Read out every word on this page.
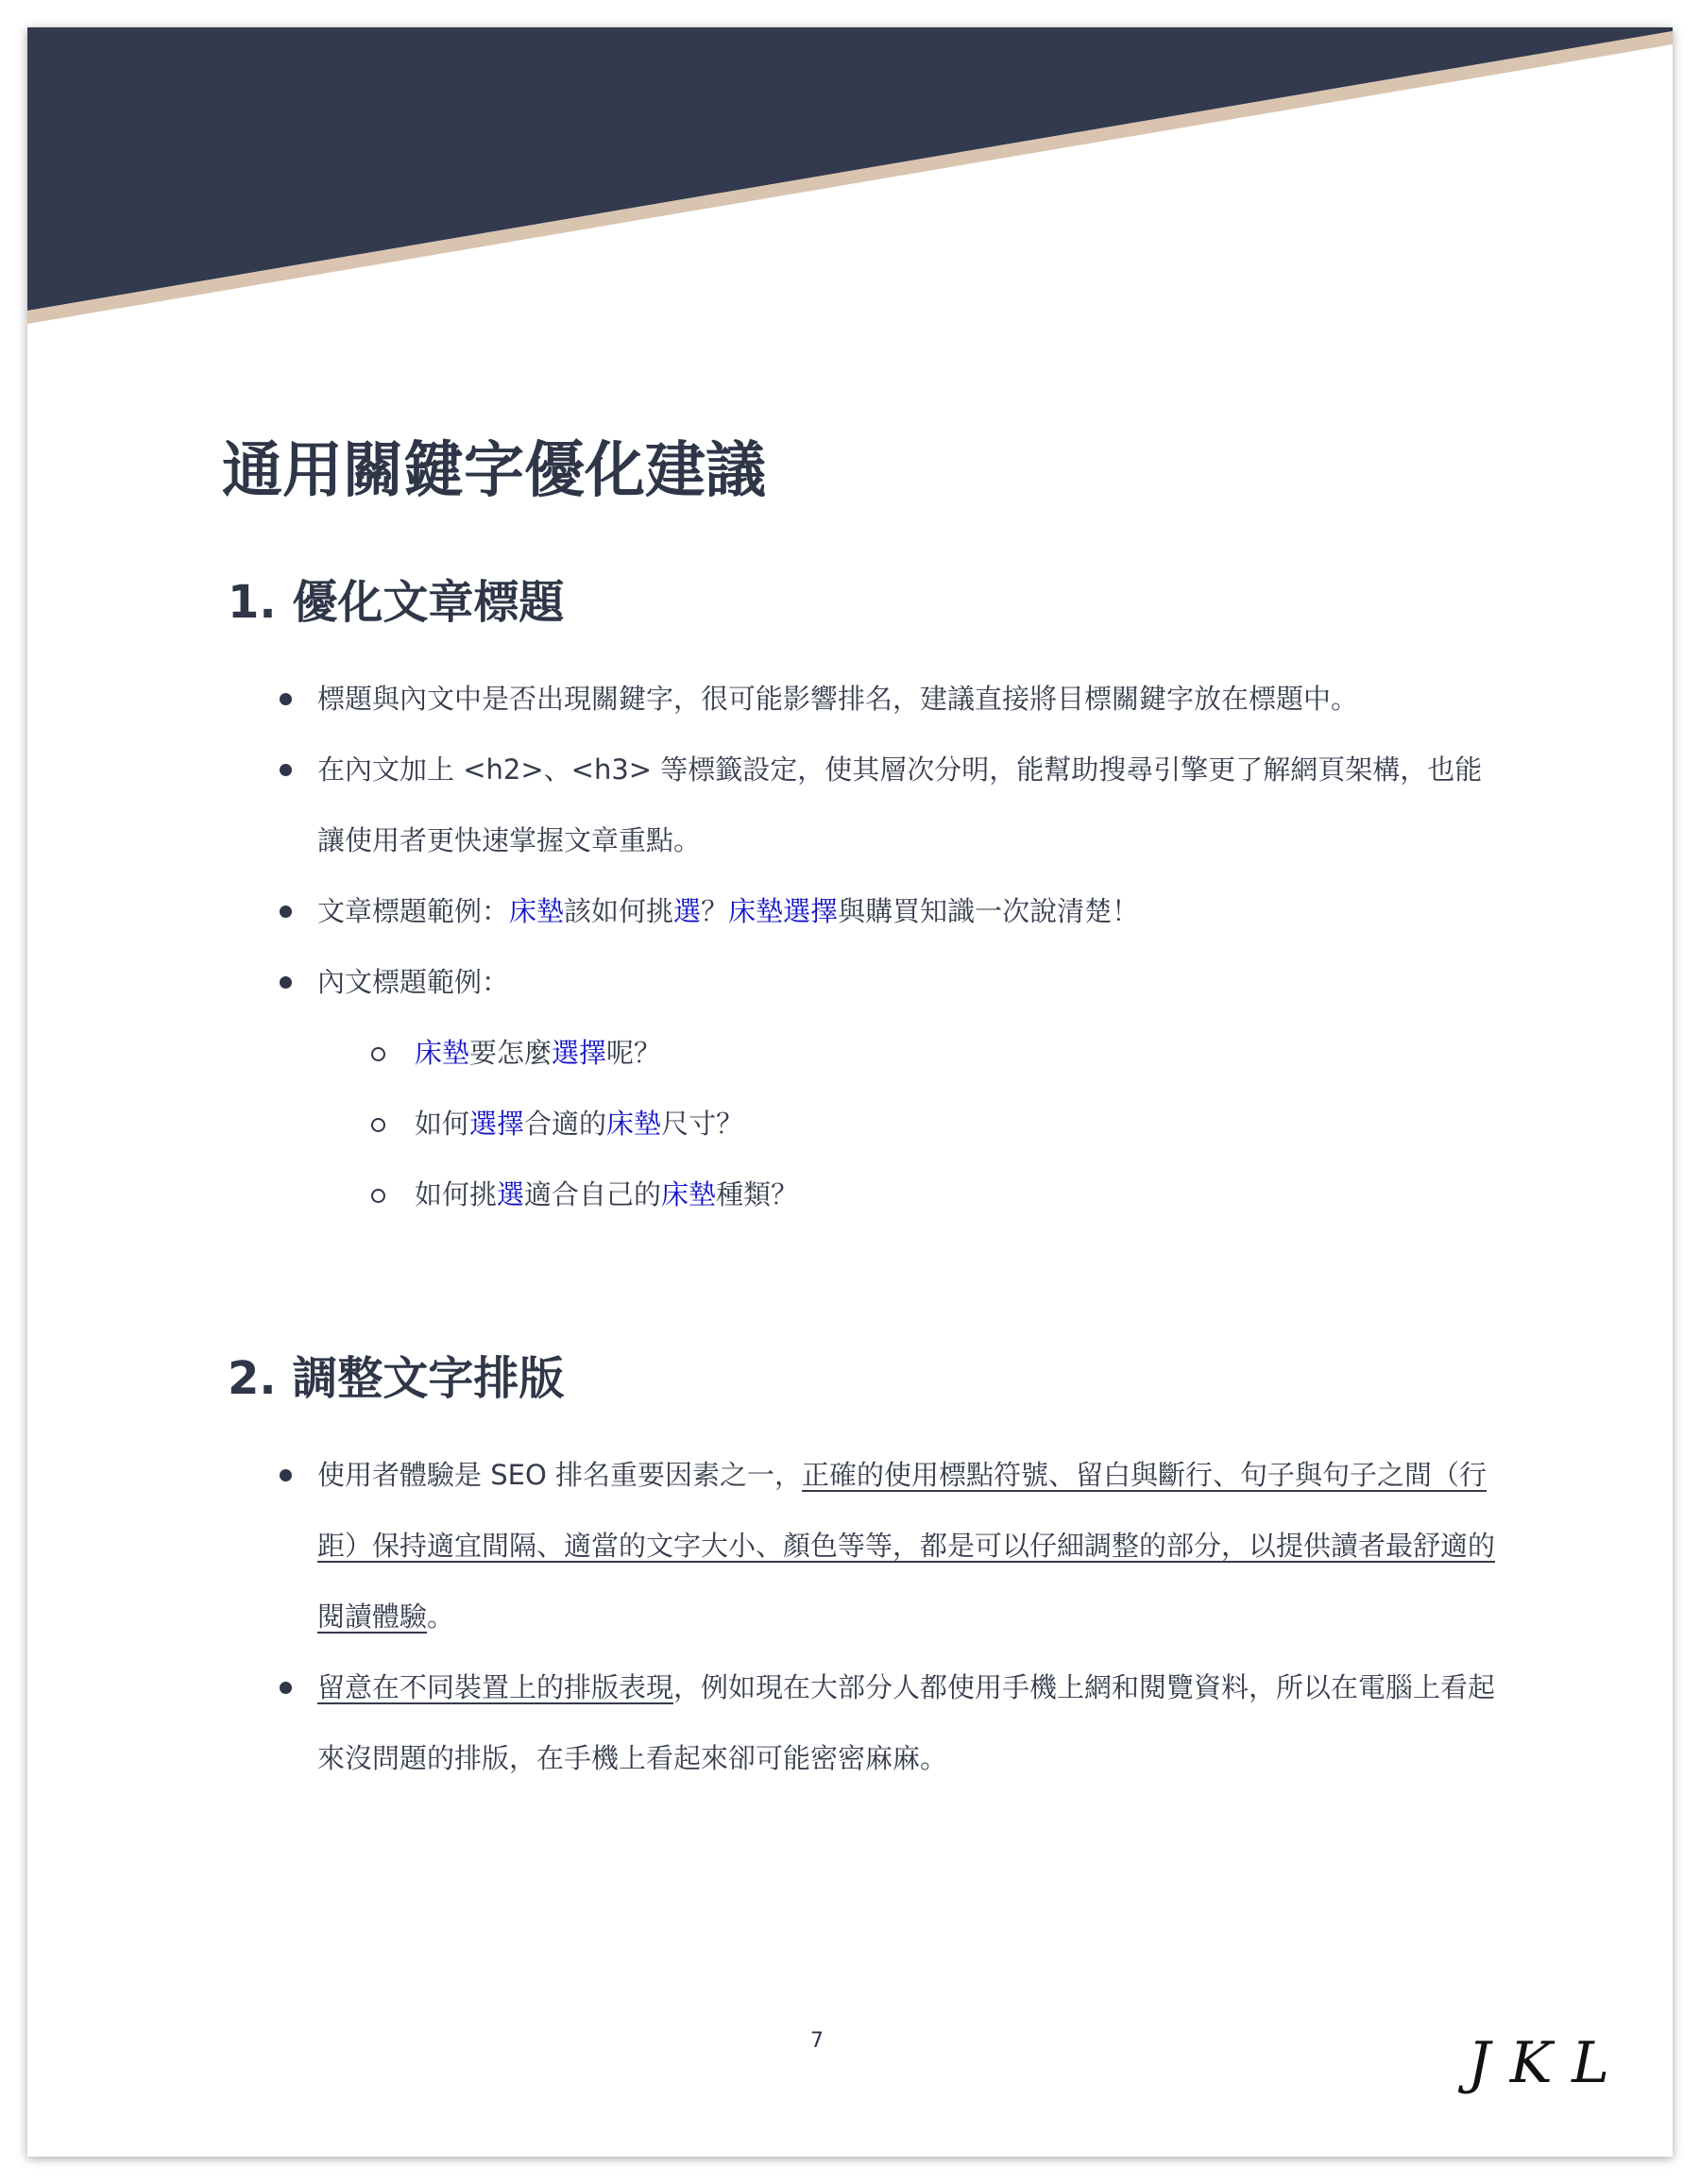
通用關鍵字優化建議
1. 優化文章標題
標題與內文中是否出現關鍵字，很可能影響排名，建議直接將目標關鍵字放在標題中。
在內文加上 <h2>、<h3> 等標籤設定，使其層次分明，能幫助搜尋引擎更了解網頁架構，也能讓使用者更快速掌握文章重點。
文章標題範例：床墊該如何挑選？床墊選擇與購買知識一次說清楚！
內文標題範例：
床墊要怎麼選擇呢？
如何選擇合適的床墊尺寸？
如何挑選適合自己的床墊種類？
2. 調整文字排版
使用者體驗是 SEO 排名重要因素之一，正確的使用標點符號、留白與斷行、句子與句子之間（行距）保持適宜間隔、適當的文字大小、顏色等等，都是可以仔細調整的部分，以提供讀者最舒適的閱讀體驗。
留意在不同裝置上的排版表現，例如現在大部分人都使用手機上網和閱覽資料，所以在電腦上看起來沒問題的排版，在手機上看起來卻可能密密麻麻。
7	JKL
